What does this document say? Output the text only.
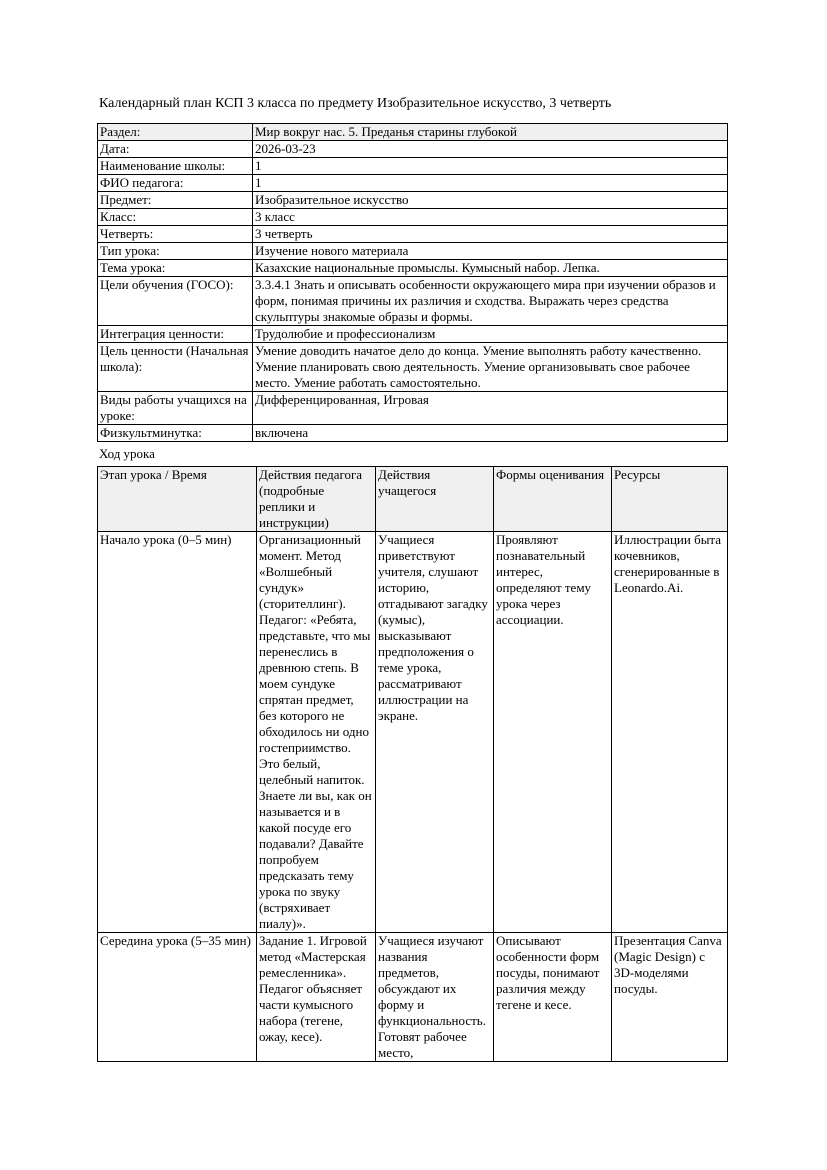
Календарный план КСП 3 класса по предмету Изобразительное искусство, 3 четверть
Раздел:	Мир вокруг нас. 5. Преданья старины глубокой
Дата:	2026-03-23
Наименование школы:	1
ФИО педагога:	1
Предмет:	Изобразительное искусство
Класс:	3 класс
Четверть:	3 четверть
Тип урока:	Изучение нового материала
Тема урока:	Казахские национальные промыслы. Кумысный набор. Лепка.
Цели обучения (ГОСО):	3.3.4.1 Знать и описывать особенности окружающего мира при изучении образов и форм, понимая причины их различия и сходства. Выражать через средства скульптуры знакомые образы и формы.
Интеграция ценности:	Трудолюбие и профессионализм
Цель ценности (Начальная школа):	Умение доводить начатое дело до конца. Умение выполнять работу качественно. Умение планировать свою деятельность. Умение организовывать свое рабочее место. Умение работать самостоятельно.
Виды работы учащихся на уроке:	Дифференцированная, Игровая
Физкультминутка:	включена
Ход урока
Этап урока / Время	Действия педагога (подробные реплики и инструкции)	Действия учащегося	Формы оценивания	Ресурсы
Начало урока (0–5 мин)	Организационный момент. Метод «Волшебный сундук» (сторителлинг). Педагог: «Ребята, представьте, что мы перенеслись в древнюю степь. В моем сундуке спрятан предмет, без которого не обходилось ни одно гостеприимство. Это белый, целебный напиток. Знаете ли вы, как он называется и в какой посуде его подавали? Давайте попробуем предсказать тему урока по звуку (встряхивает пиалу)».	Учащиеся приветствуют учителя, слушают историю, отгадывают загадку (кумыс), высказывают предположения о теме урока, рассматривают иллюстрации на экране.	Проявляют познавательный интерес, определяют тему урока через ассоциации.	Иллюстрации быта кочевников, сгенерированные в Leonardo.Ai.
Середина урока (5–35 мин)	Задание 1. Игровой метод «Мастерская ремесленника». Педагог объясняет части кумысного набора (тегене, ожау, кесе).	Учащиеся изучают названия предметов, обсуждают их форму и функциональность. Готовят рабочее место,	Описывают особенности форм посуды, понимают различия между тегене и кесе.	Презентация Canva (Magic Design) с 3D-моделями посуды.
